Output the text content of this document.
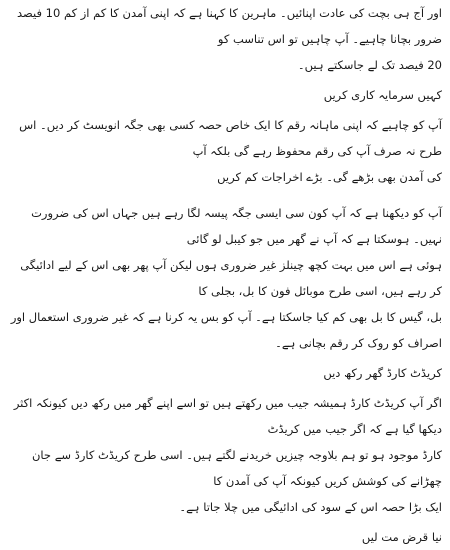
اور آج ہی بچت کی عادت اپنائیں۔ ماہرین کا کہنا ہے کہ اپنی آمدن کا کم از کم 10 فیصد ضرور بچانا چاہیے۔ آپ چاہیں تو اس تناسب کو

20 فیصد تک لے جاسکتے ہیں۔

کہیں سرمایہ کاری کریں

آپ کو چاہیے کہ اپنی ماہانہ رقم کا ایک خاص حصہ کسی بھی جگہ انویسٹ کر دیں۔ اس طرح نہ صرف آپ کی رقم محفوظ رہے گی بلکہ آپ

کی آمدن بھی بڑھے گی۔ بڑے اخراجات کم کریں

آپ کو دیکھنا ہے کہ آپ کون سی ایسی جگہ پیسہ لگا رہے ہیں جہاں اس کی ضرورت نہیں۔ ہوسکتا ہے کہ آپ نے گھر میں جو کیبل لو گائی

ہوئی ہے اس میں بہت کچھ چینلز غیر ضروری ہوں لیکن آپ پھر بھی اس کے لیے ادائیگی کر رہے ہیں، اسی طرح موبائل فون کا بل، بجلی کا

بل، گیس کا بل بھی کم کیا جاسکتا ہے۔ آپ کو بس یہ کرنا ہے کہ غیر ضروری استعمال اور اصراف کو روک کر رقم بچانی ہے۔

کریڈٹ کارڈ گھر رکھ دیں

اگر آپ کریڈٹ کارڈ ہمیشہ جیب میں رکھتے ہیں تو اسے اپنے گھر میں رکھ دیں کیونکہ اکثر دیکھا گیا ہے کہ اگر جیب میں کریڈٹ

کارڈ موجود ہو تو ہم بلاوجہ چیزیں خریدنے لگتے ہیں۔ اسی طرح کریڈٹ کارڈ سے جان چھڑانے کی کوشش کریں کیونکہ آپ کی آمدن کا

ایک بڑا حصہ اس کے سود کی ادائیگی میں چلا جاتا ہے۔

نیا قرض مت لیں
